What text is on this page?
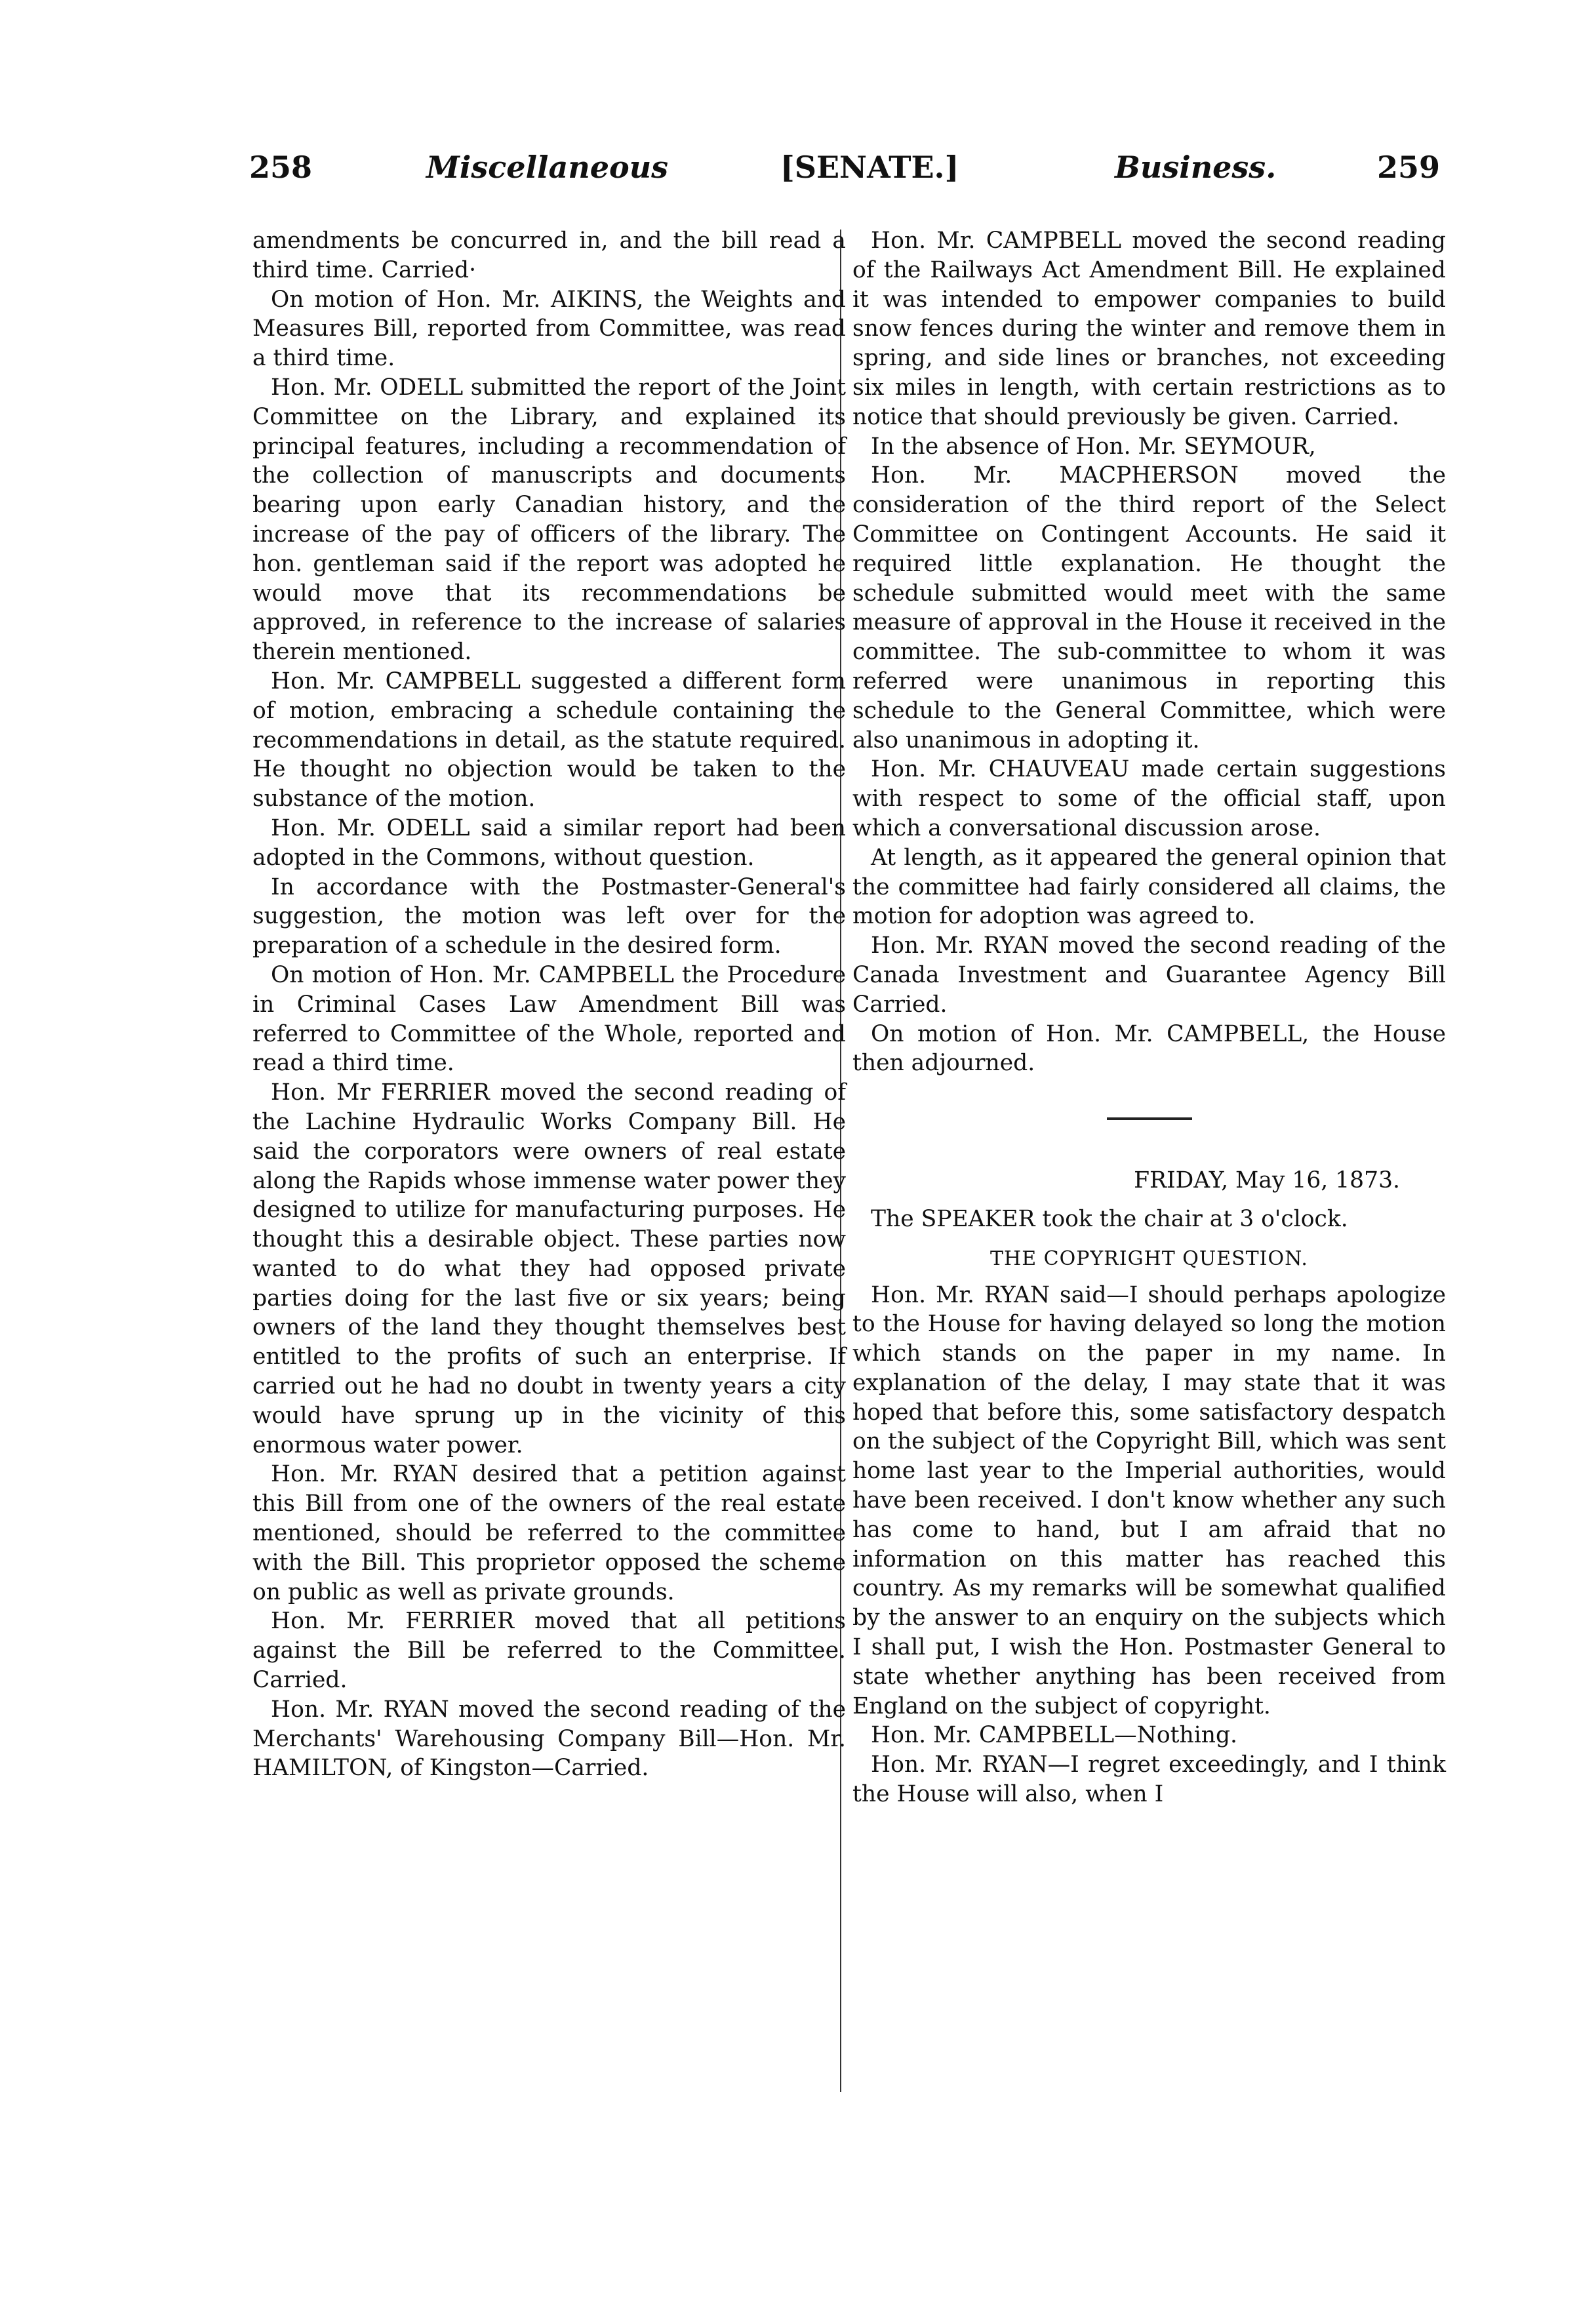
258	Miscellaneous	[SENATE.]	Business.	259

amendments be concurred in, and the bill read a third time. Carried·

On motion of Hon. Mr. AIKINS, the Weights and Measures Bill, reported from Committee, was read a third time.

Hon. Mr. ODELL submitted the report of the Joint Committee on the Library, and explained its principal features, including a recommendation of the collection of manuscripts and documents bearing upon early Canadian history, and the increase of the pay of officers of the library. The hon. gentleman said if the report was adopted he would move that its recommendations be approved, in reference to the increase of salaries therein mentioned.

Hon. Mr. CAMPBELL suggested a different form of motion, embracing a schedule containing the recommendations in detail, as the statute required. He thought no objection would be taken to the substance of the motion.

Hon. Mr. ODELL said a similar report had been adopted in the Commons, without question.

In accordance with the Postmaster-General's suggestion, the motion was left over for the preparation of a schedule in the desired form.

On motion of Hon. Mr. CAMPBELL the Procedure in Criminal Cases Law Amendment Bill was referred to Committee of the Whole, reported and read a third time.

Hon. Mr FERRIER moved the second reading of the Lachine Hydraulic Works Company Bill. He said the corporators were owners of real estate along the Rapids whose immense water power they designed to utilize for manufacturing purposes. He thought this a desirable object. These parties now wanted to do what they had opposed private parties doing for the last five or six years; being owners of the land they thought themselves best entitled to the profits of such an enterprise. If carried out he had no doubt in twenty years a city would have sprung up in the vicinity of this enormous water power.

Hon. Mr. RYAN desired that a petition against this Bill from one of the owners of the real estate mentioned, should be referred to the committee with the Bill. This proprietor opposed the scheme on public as well as private grounds.

Hon. Mr. FERRIER moved that all petitions against the Bill be referred to the Committee. Carried.

Hon. Mr. RYAN moved the second reading of the Merchants' Warehousing Company Bill—Hon. Mr. HAMILTON, of Kingston—Carried.

Hon. Mr. CAMPBELL moved the second reading of the Railways Act Amendment Bill. He explained it was intended to empower companies to build snow fences during the winter and remove them in spring, and side lines or branches, not exceeding six miles in length, with certain restrictions as to notice that should previously be given. Carried.

In the absence of Hon. Mr. SEYMOUR,

Hon. Mr. MACPHERSON moved the consideration of the third report of the Select Committee on Contingent Accounts. He said it required little explanation. He thought the schedule submitted would meet with the same measure of approval in the House it received in the committee. The sub-committee to whom it was referred were unanimous in reporting this schedule to the General Committee, which were also unanimous in adopting it.

Hon. Mr. CHAUVEAU made certain suggestions with respect to some of the official staff, upon which a conversational discussion arose.

At length, as it appeared the general opinion that the committee had fairly considered all claims, the motion for adoption was agreed to.

Hon. Mr. RYAN moved the second reading of the Canada Investment and Guarantee Agency Bill Carried.

On motion of Hon. Mr. CAMPBELL, the House then adjourned.

FRIDAY, May 16, 1873.

The SPEAKER took the chair at 3 o'clock.

THE COPYRIGHT QUESTION.

Hon. Mr. RYAN said—I should perhaps apologize to the House for having delayed so long the motion which stands on the paper in my name. In explanation of the delay, I may state that it was hoped that before this, some satisfactory despatch on the subject of the Copyright Bill, which was sent home last year to the Imperial authorities, would have been received. I don't know whether any such has come to hand, but I am afraid that no information on this matter has reached this country. As my remarks will be somewhat qualified by the answer to an enquiry on the subjects which I shall put, I wish the Hon. Postmaster General to state whether anything has been received from England on the subject of copyright.

Hon. Mr. CAMPBELL—Nothing.

Hon. Mr. RYAN—I regret exceedingly, and I think the House will also, when I
